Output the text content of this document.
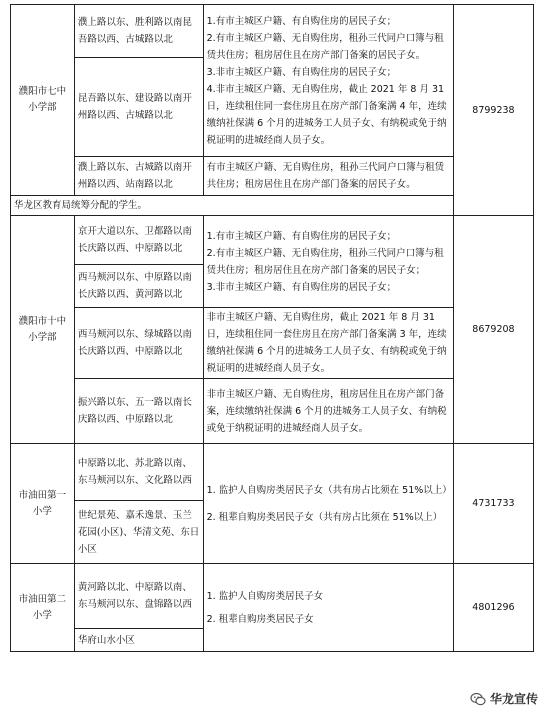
濮阳市七中小学部	濮上路以东、胜利路以南昆吾路以西、古城路以北	1.有市主城区户籍、有自购住房的居民子女；
2.有市主城区户籍、无自购住房，租孙三代同户口簿与租赁共住房；租房居住且在房产部门备案的居民子女。
3.非市主城区户籍、有自购住房的居民子女；
4.非市主城区户籍、无自购住房，截止 2021 年 8 月 31 日，连续租住同一套住房且在房产部门备案满 4 年，连续缴纳社保满 6 个月的进城务工人员子女、有纳税或免于纳税证明的进城经商人员子女。	8799238
	昆吾路以东、建设路以南开州路以西、古城路以北		
	濮上路以东、古城路以南开州路以西、站南路以北	有市主城区户籍、无自购住房，租孙三代同户口簿与租赁共住房；租房居住且在房产部门备案的居民子女。	
华龙区教育局统筹分配的学生。			
濮阳市十中小学部	京开大道以东、卫都路以南长庆路以西、中原路以北	1.有市主城区户籍、有自购住房的居民子女；
2.有市主城区户籍、无自购住房，租孙三代同户口簿与租赁共住房；租房居住且在房产部门备案的居民子女；
3.非市主城区户籍、有自购住房的居民子女；	8679208
	西马颊河以东、中原路以南长庆路以西、黄河路以北		
	西马颊河以东、绿城路以南长庆路以西、中原路以北	非市主城区户籍、无自购住房，截止 2021 年 8 月 31 日，连续租住同一套住房且在房产部门备案满 3 年，连续缴纳社保满 6 个月的进城务工人员子女、有纳税或免于纳税证明的进城经商人员子女。	
	振兴路以东、五一路以南长庆路以西、中原路以北	非市主城区户籍、无自购住房，租房居住且在房产部门备案，连续缴纳社保满 6 个月的进城务工人员子女、有纳税或免于纳税证明的进城经商人员子女。	
市油田第一小学	中原路以北、苏北路以南、东马颊河以东、文化路以西	1. 监护人自购房类居民子女（共有房占比须在 51%以上）
2. 租辈自购房类居民子女（共有房占比须在 51%以上）	4731733
	世纪景苑、嘉禾逸景、玉兰花园(小区)、华清文苑、东日小区		
市油田第二小学	黄河路以北、中原路以南、东马颊河以东、盘锦路以西	1. 监护人自购房类居民子女
2. 租辈自购房类居民子女	4801296
	华府山水小区		
华龙宣传
